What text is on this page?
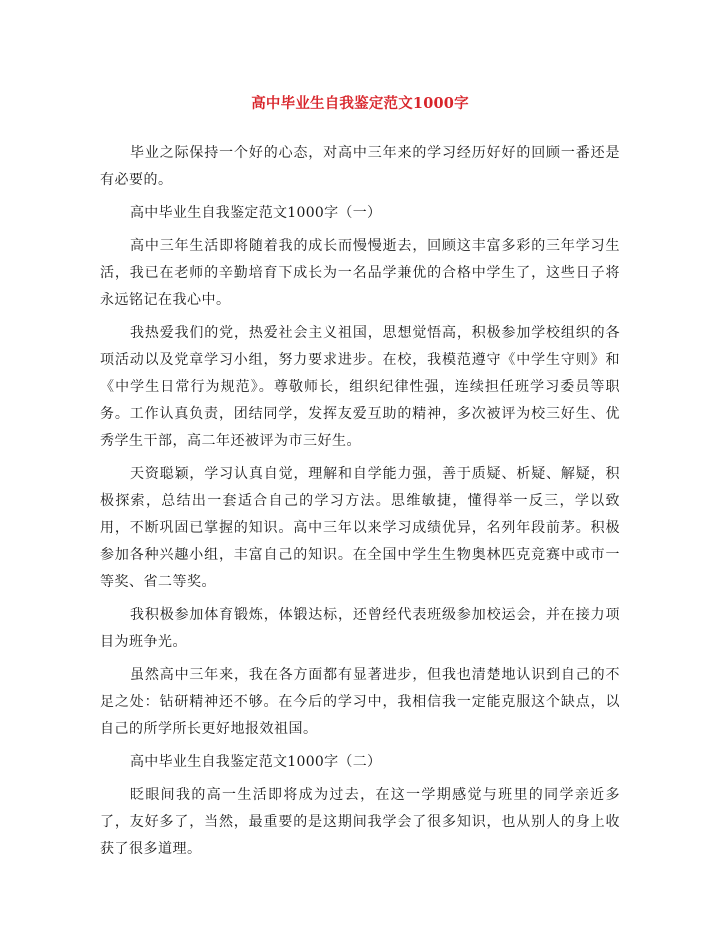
高中毕业生自我鉴定范文1000字

毕业之际保持一个好的心态，对高中三年来的学习经历好好的回顾一番还是有必要的。

高中毕业生自我鉴定范文1000字（一）

高中三年生活即将随着我的成长而慢慢逝去，回顾这丰富多彩的三年学习生活，我已在老师的辛勤培育下成长为一名品学兼优的合格中学生了，这些日子将永远铭记在我心中。

我热爱我们的党，热爱社会主义祖国，思想觉悟高，积极参加学校组织的各项活动以及党章学习小组，努力要求进步。在校，我模范遵守《中学生守则》和《中学生日常行为规范》。尊敬师长，组织纪律性强，连续担任班学习委员等职务。工作认真负责，团结同学，发挥友爱互助的精神，多次被评为校三好生、优秀学生干部，高二年还被评为市三好生。

天资聪颖，学习认真自觉，理解和自学能力强，善于质疑、析疑、解疑，积极探索，总结出一套适合自己的学习方法。思维敏捷，懂得举一反三，学以致用，不断巩固已掌握的知识。高中三年以来学习成绩优异，名列年段前茅。积极参加各种兴趣小组，丰富自己的知识。在全国中学生生物奥林匹克竞赛中或市一等奖、省二等奖。

我积极参加体育锻炼，体锻达标，还曾经代表班级参加校运会，并在接力项目为班争光。

虽然高中三年来，我在各方面都有显著进步，但我也清楚地认识到自己的不足之处：钻研精神还不够。在今后的学习中，我相信我一定能克服这个缺点，以自己的所学所长更好地报效祖国。

高中毕业生自我鉴定范文1000字（二）

眨眼间我的高一生活即将成为过去，在这一学期感觉与班里的同学亲近多了，友好多了，当然，最重要的是这期间我学会了很多知识，也从别人的身上收获了很多道理。
